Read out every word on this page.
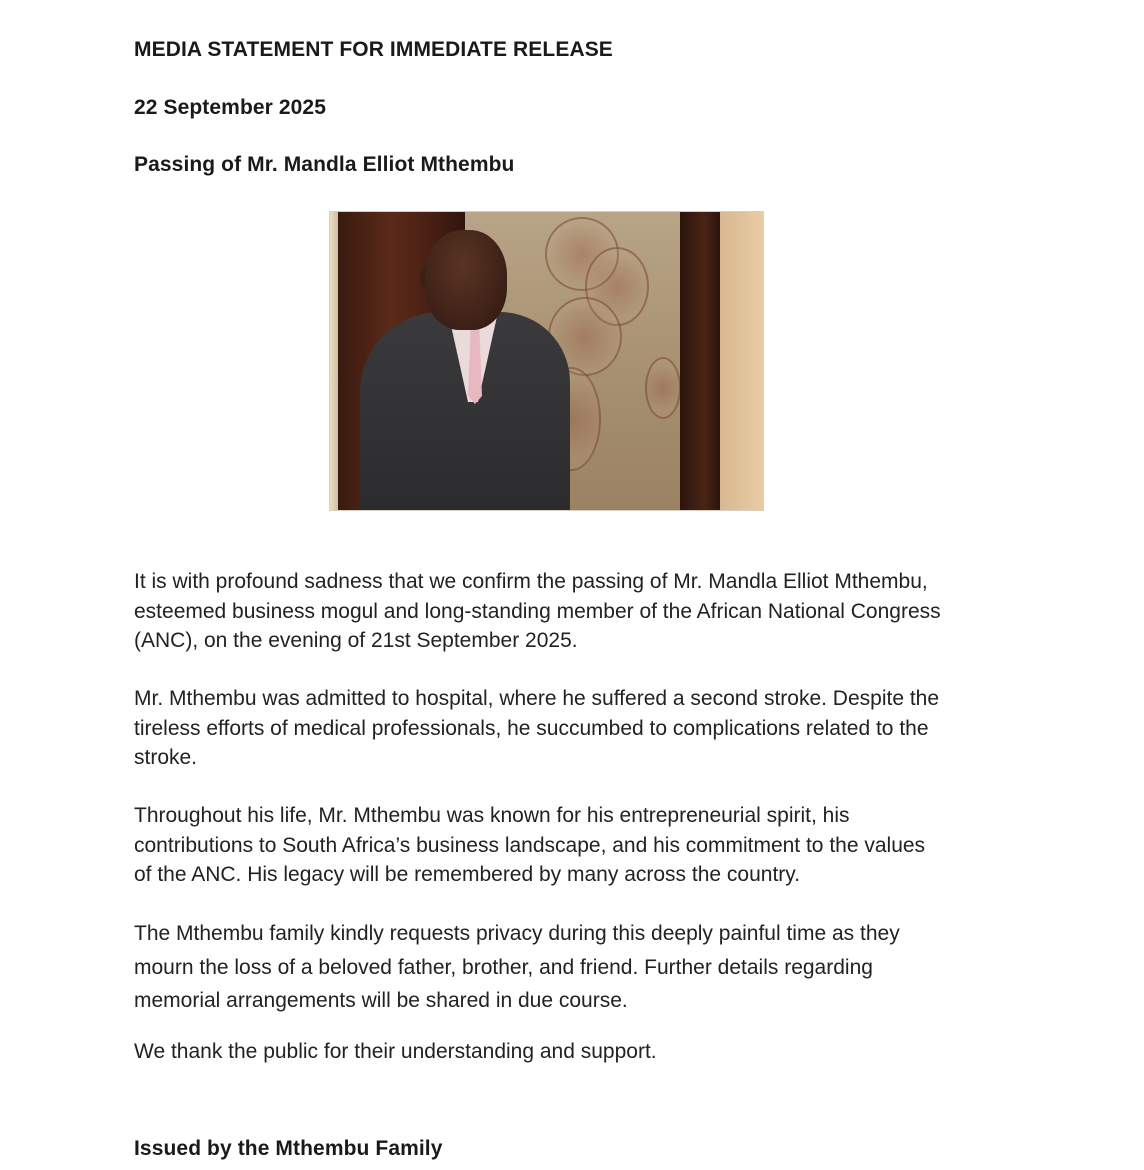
MEDIA STATEMENT FOR IMMEDIATE RELEASE
22 September 2025
Passing of Mr. Mandla Elliot Mthembu
It is with profound sadness that we confirm the passing of Mr. Mandla Elliot Mthembu,
esteemed business mogul and long-standing member of the African National Congress
(ANC), on the evening of 21st September 2025.
Mr. Mthembu was admitted to hospital, where he suffered a second stroke. Despite the
tireless efforts of medical professionals, he succumbed to complications related to the
stroke.
Throughout his life, Mr. Mthembu was known for his entrepreneurial spirit, his
contributions to South Africa’s business landscape, and his commitment to the values
of the ANC. His legacy will be remembered by many across the country.
The Mthembu family kindly requests privacy during this deeply painful time as they
mourn the loss of a beloved father, brother, and friend. Further details regarding
memorial arrangements will be shared in due course.
We thank the public for their understanding and support.
Issued by the Mthembu Family
